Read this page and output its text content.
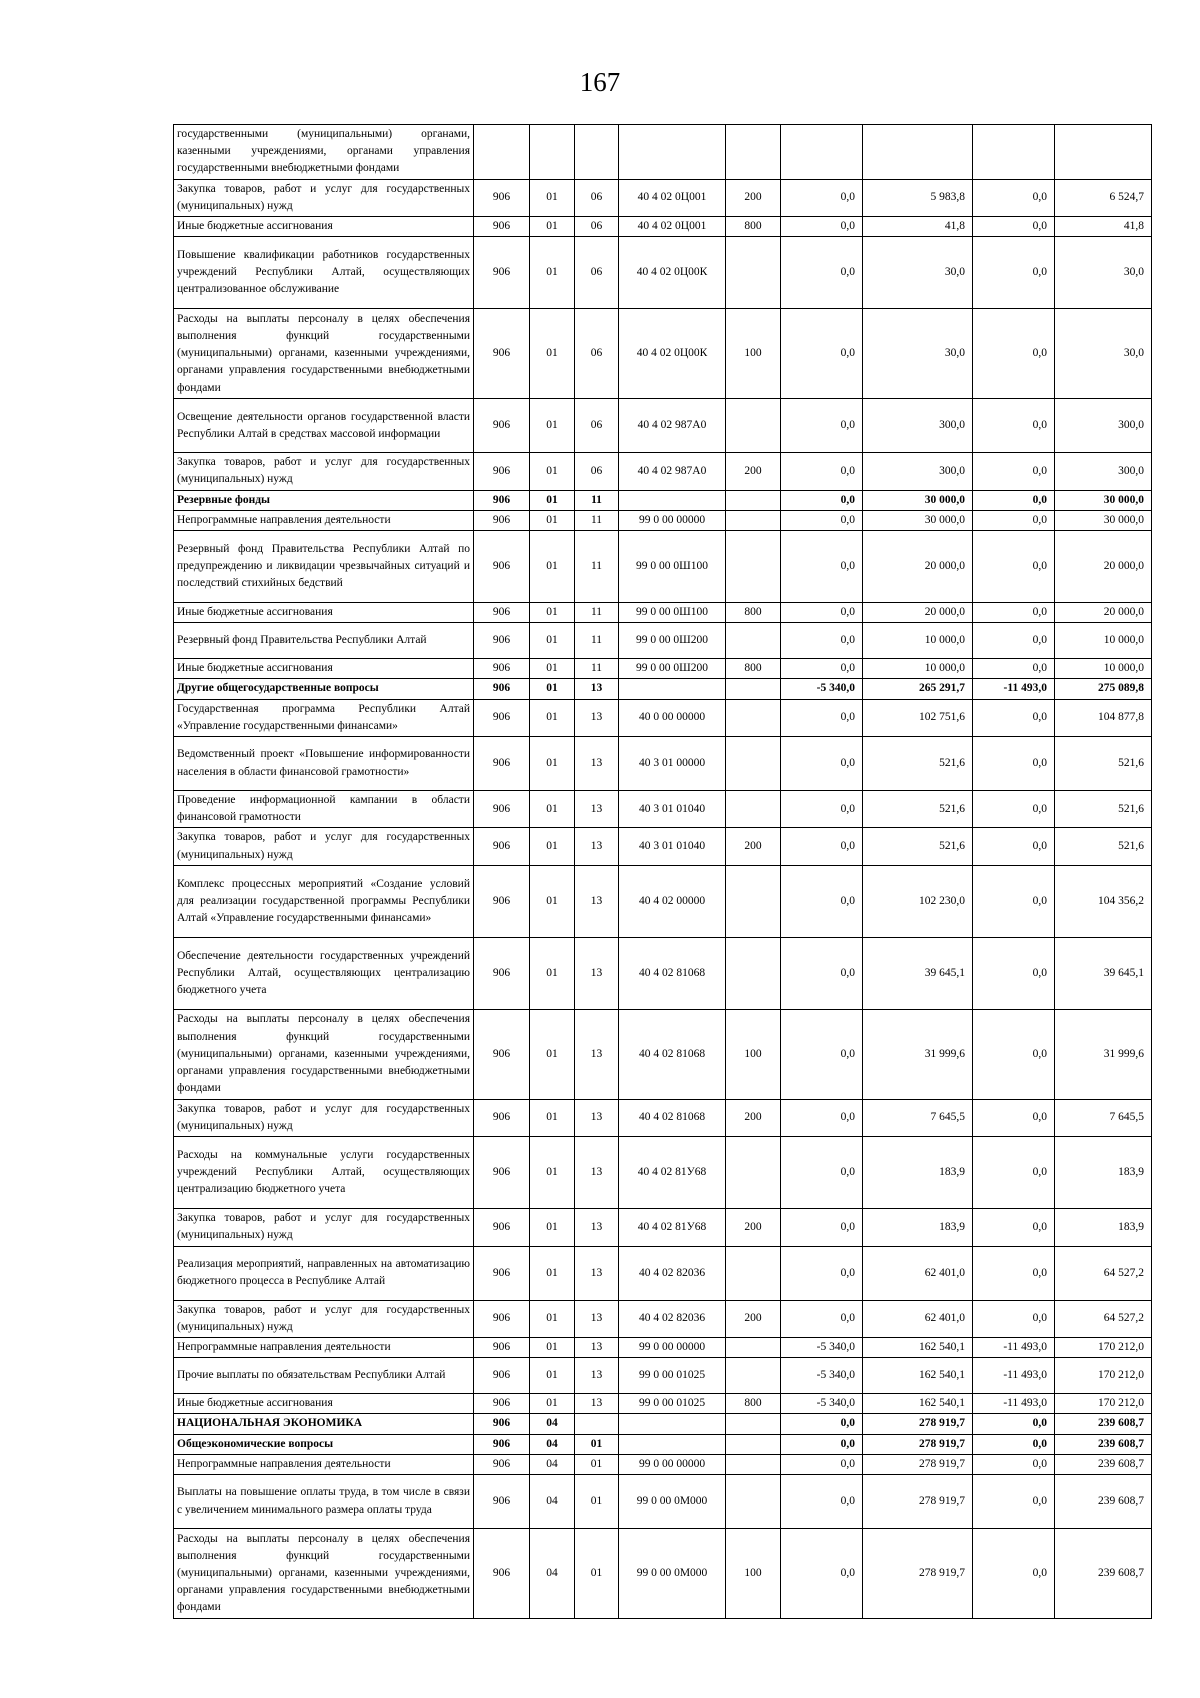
167
государственными (муниципальными) органами, казенными учреждениями, органами управления государственными внебюджетными фондами									
Закупка товаров, работ и услуг для государственных (муниципальных) нужд	906	01	06	40 4 02 0Ц001	200	0,0	5 983,8	0,0	6 524,7
Иные бюджетные ассигнования	906	01	06	40 4 02 0Ц001	800	0,0	41,8	0,0	41,8
Повышение квалификации работников государственных учреждений Республики Алтай, осуществляющих централизованное обслуживание	906	01	06	40 4 02 0Ц00К		0,0	30,0	0,0	30,0
Расходы на выплаты персоналу в целях обеспечения выполнения функций государственными (муниципальными) органами, казенными учреждениями, органами управления государственными внебюджетными фондами	906	01	06	40 4 02 0Ц00К	100	0,0	30,0	0,0	30,0
Освещение деятельности органов государственной власти Республики Алтай в средствах массовой информации	906	01	06	40 4 02 987А0		0,0	300,0	0,0	300,0
Закупка товаров, работ и услуг для государственных (муниципальных) нужд	906	01	06	40 4 02 987А0	200	0,0	300,0	0,0	300,0
Резервные фонды	906	01	11			0,0	30 000,0	0,0	30 000,0
Непрограммные направления деятельности	906	01	11	99 0 00 00000		0,0	30 000,0	0,0	30 000,0
Резервный фонд Правительства Республики Алтай по предупреждению и ликвидации чрезвычайных ситуаций и последствий стихийных бедствий	906	01	11	99 0 00 0Ш100		0,0	20 000,0	0,0	20 000,0
Иные бюджетные ассигнования	906	01	11	99 0 00 0Ш100	800	0,0	20 000,0	0,0	20 000,0
Резервный фонд Правительства Республики Алтай	906	01	11	99 0 00 0Ш200		0,0	10 000,0	0,0	10 000,0
Иные бюджетные ассигнования	906	01	11	99 0 00 0Ш200	800	0,0	10 000,0	0,0	10 000,0
Другие общегосударственные вопросы	906	01	13			-5 340,0	265 291,7	-11 493,0	275 089,8
Государственная программа Республики Алтай «Управление государственными финансами»	906	01	13	40 0 00 00000		0,0	102 751,6	0,0	104 877,8
Ведомственный проект «Повышение информированности населения в области финансовой грамотности»	906	01	13	40 3 01 00000		0,0	521,6	0,0	521,6
Проведение информационной кампании в области финансовой грамотности	906	01	13	40 3 01 01040		0,0	521,6	0,0	521,6
Закупка товаров, работ и услуг для государственных (муниципальных) нужд	906	01	13	40 3 01 01040	200	0,0	521,6	0,0	521,6
Комплекс процессных мероприятий «Создание условий для реализации государственной программы Республики Алтай «Управление государственными финансами»	906	01	13	40 4 02 00000		0,0	102 230,0	0,0	104 356,2
Обеспечение деятельности государственных учреждений Республики Алтай, осуществляющих централизацию бюджетного учета	906	01	13	40 4 02 81068		0,0	39 645,1	0,0	39 645,1
Расходы на выплаты персоналу в целях обеспечения выполнения функций государственными (муниципальными) органами, казенными учреждениями, органами управления государственными внебюджетными фондами	906	01	13	40 4 02 81068	100	0,0	31 999,6	0,0	31 999,6
Закупка товаров, работ и услуг для государственных (муниципальных) нужд	906	01	13	40 4 02 81068	200	0,0	7 645,5	0,0	7 645,5
Расходы на коммунальные услуги государственных учреждений Республики Алтай, осуществляющих централизацию бюджетного учета	906	01	13	40 4 02 81У68		0,0	183,9	0,0	183,9
Закупка товаров, работ и услуг для государственных (муниципальных) нужд	906	01	13	40 4 02 81У68	200	0,0	183,9	0,0	183,9
Реализация мероприятий, направленных на автоматизацию бюджетного процесса в Республике Алтай	906	01	13	40 4 02 82036		0,0	62 401,0	0,0	64 527,2
Закупка товаров, работ и услуг для государственных (муниципальных) нужд	906	01	13	40 4 02 82036	200	0,0	62 401,0	0,0	64 527,2
Непрограммные направления деятельности	906	01	13	99 0 00 00000		-5 340,0	162 540,1	-11 493,0	170 212,0
Прочие выплаты по обязательствам Республики Алтай	906	01	13	99 0 00 01025		-5 340,0	162 540,1	-11 493,0	170 212,0
Иные бюджетные ассигнования	906	01	13	99 0 00 01025	800	-5 340,0	162 540,1	-11 493,0	170 212,0
НАЦИОНАЛЬНАЯ ЭКОНОМИКА	906	04				0,0	278 919,7	0,0	239 608,7
Общеэкономические вопросы	906	04	01			0,0	278 919,7	0,0	239 608,7
Непрограммные направления деятельности	906	04	01	99 0 00 00000		0,0	278 919,7	0,0	239 608,7
Выплаты на повышение оплаты труда, в том числе в связи с увеличением минимального размера оплаты труда	906	04	01	99 0 00 0М000		0,0	278 919,7	0,0	239 608,7
Расходы на выплаты персоналу в целях обеспечения выполнения функций государственными (муниципальными) органами, казенными учреждениями, органами управления государственными внебюджетными фондами	906	04	01	99 0 00 0М000	100	0,0	278 919,7	0,0	239 608,7
